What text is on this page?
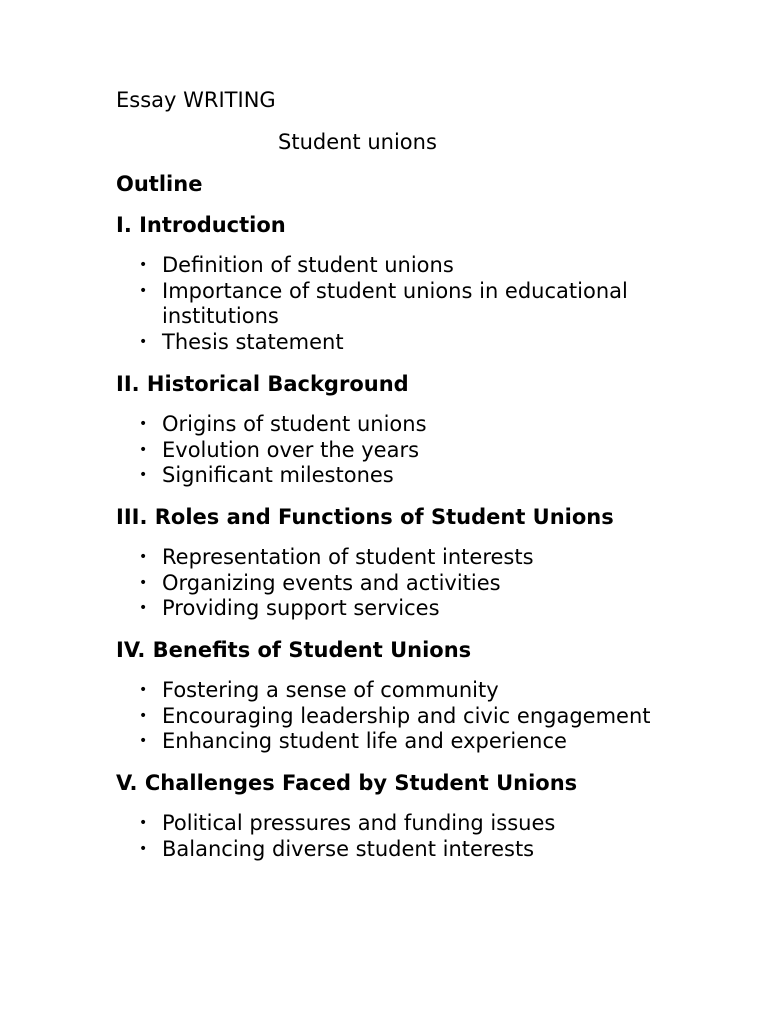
Essay WRITING
Student unions
Outline
I. Introduction
• Definition of student unions
• Importance of student unions in educational institutions
• Thesis statement
II. Historical Background
• Origins of student unions
• Evolution over the years
• Significant milestones
III. Roles and Functions of Student Unions
• Representation of student interests
• Organizing events and activities
• Providing support services
IV. Benefits of Student Unions
• Fostering a sense of community
• Encouraging leadership and civic engagement
• Enhancing student life and experience
V. Challenges Faced by Student Unions
• Political pressures and funding issues
• Balancing diverse student interests
